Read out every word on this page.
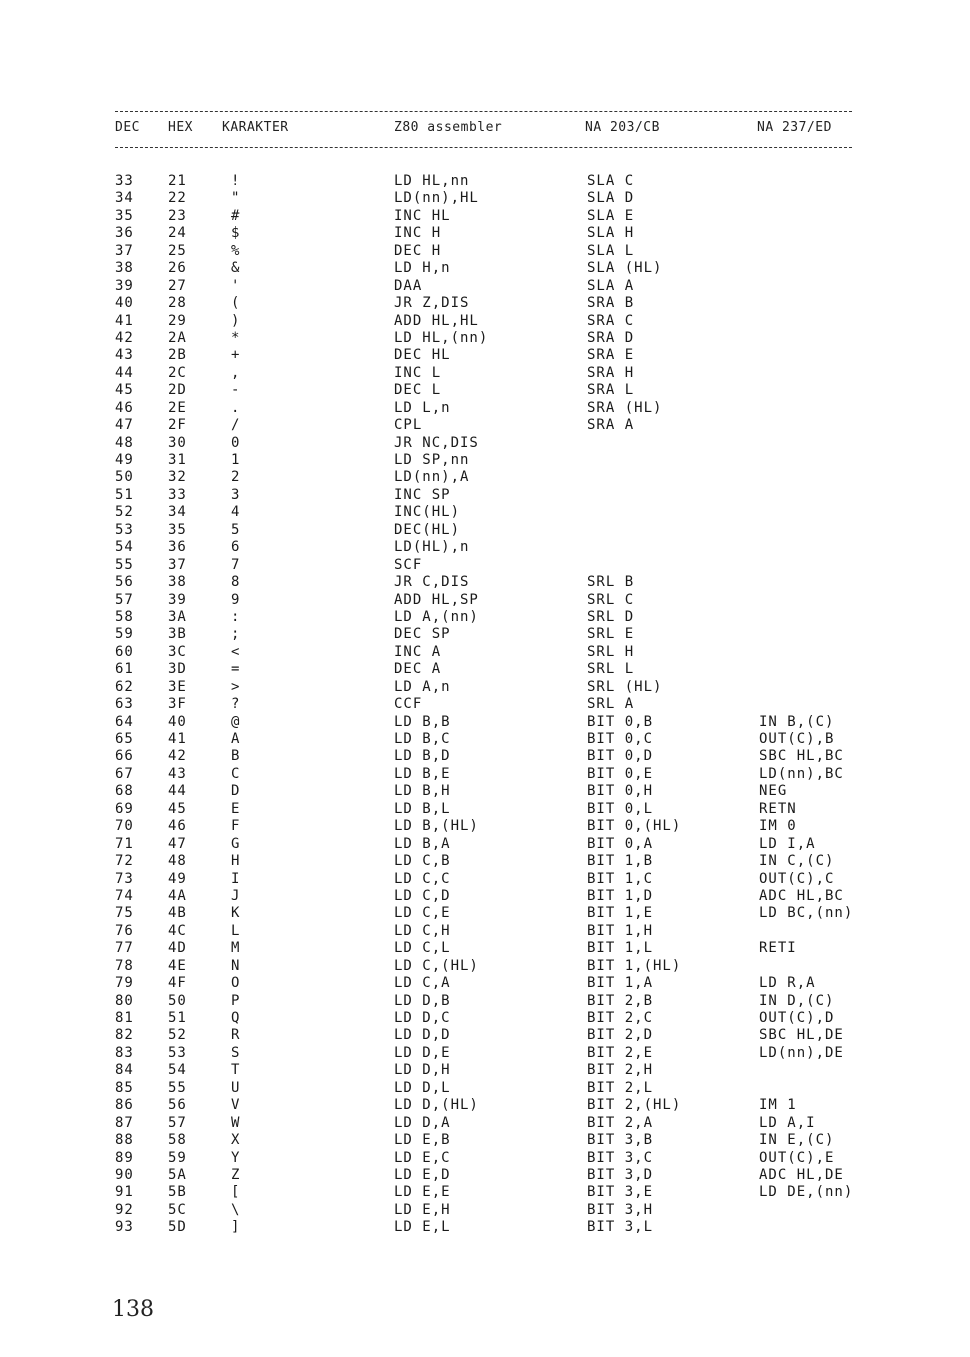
DEC HEX KARAKTER	Z80 assembler	NA 203/CB	NA 237/ED
33 21	!	LD HL,nn	SLA C
34 22	"	LD(nn),HL	SLA D
35 23	#	INC HL	SLA E
36 24	$	INC H	SLA H
37 25	%	DEC H	SLA L
38 26	&	LD H,n	SLA (HL)
39 27	'	DAA	SLA A
40 28	(	JR Z,DIS	SRA B
41 29	)	ADD HL,HL	SRA C
42 2A	*	LD HL,(nn)	SRA D
43 2B	+	DEC HL	SRA E
44 2C	,	INC L	SRA H
45 2D	-	DEC L	SRA L
46 2E	.	LD L,n	SRA (HL)
47 2F	/	CPL	SRA A
48 30	0	JR NC,DIS
49 31	1	LD SP,nn
50 32	2	LD(nn),A
51 33	3	INC SP
52 34	4	INC(HL)
53 35	5	DEC(HL)
54 36	6	LD(HL),n
55 37	7	SCF
56 38	8	JR C,DIS	SRL B
57 39	9	ADD HL,SP	SRL C
58 3A	:	LD A,(nn)	SRL D
59 3B	;	DEC SP	SRL E
60 3C	<	INC A	SRL H
61 3D	=	DEC A	SRL L
62 3E	>	LD A,n	SRL (HL)
63 3F	?	CCF	SRL A
64 40	@	LD B,B	BIT 0,B	IN B,(C)
65 41	A	LD B,C	BIT 0,C	OUT(C),B
66 42	B	LD B,D	BIT 0,D	SBC HL,BC
67 43	C	LD B,E	BIT 0,E	LD(nn),BC
68 44	D	LD B,H	BIT 0,H	NEG
69 45	E	LD B,L	BIT 0,L	RETN
70 46	F	LD B,(HL)	BIT 0,(HL)	IM 0
71 47	G	LD B,A	BIT 0,A	LD I,A
72 48	H	LD C,B	BIT 1,B	IN C,(C)
73 49	I	LD C,C	BIT 1,C	OUT(C),C
74 4A	J	LD C,D	BIT 1,D	ADC HL,BC
75 4B	K	LD C,E	BIT 1,E	LD BC,(nn)
76 4C	L	LD C,H	BIT 1,H
77 4D	M	LD C,L	BIT 1,L	RETI
78 4E	N	LD C,(HL)	BIT 1,(HL)
79 4F	O	LD C,A	BIT 1,A	LD R,A
80 50	P	LD D,B	BIT 2,B	IN D,(C)
81 51	Q	LD D,C	BIT 2,C	OUT(C),D
82 52	R	LD D,D	BIT 2,D	SBC HL,DE
83 53	S	LD D,E	BIT 2,E	LD(nn),DE
84 54	T	LD D,H	BIT 2,H
85 55	U	LD D,L	BIT 2,L
86 56	V	LD D,(HL)	BIT 2,(HL)	IM 1
87 57	W	LD D,A	BIT 2,A	LD A,I
88 58	X	LD E,B	BIT 3,B	IN E,(C)
89 59	Y	LD E,C	BIT 3,C	OUT(C),E
90 5A	Z	LD E,D	BIT 3,D	ADC HL,DE
91 5B	[	LD E,E	BIT 3,E	LD DE,(nn)
92 5C	\	LD E,H	BIT 3,H
93 5D	]	LD E,L	BIT 3,L
138
